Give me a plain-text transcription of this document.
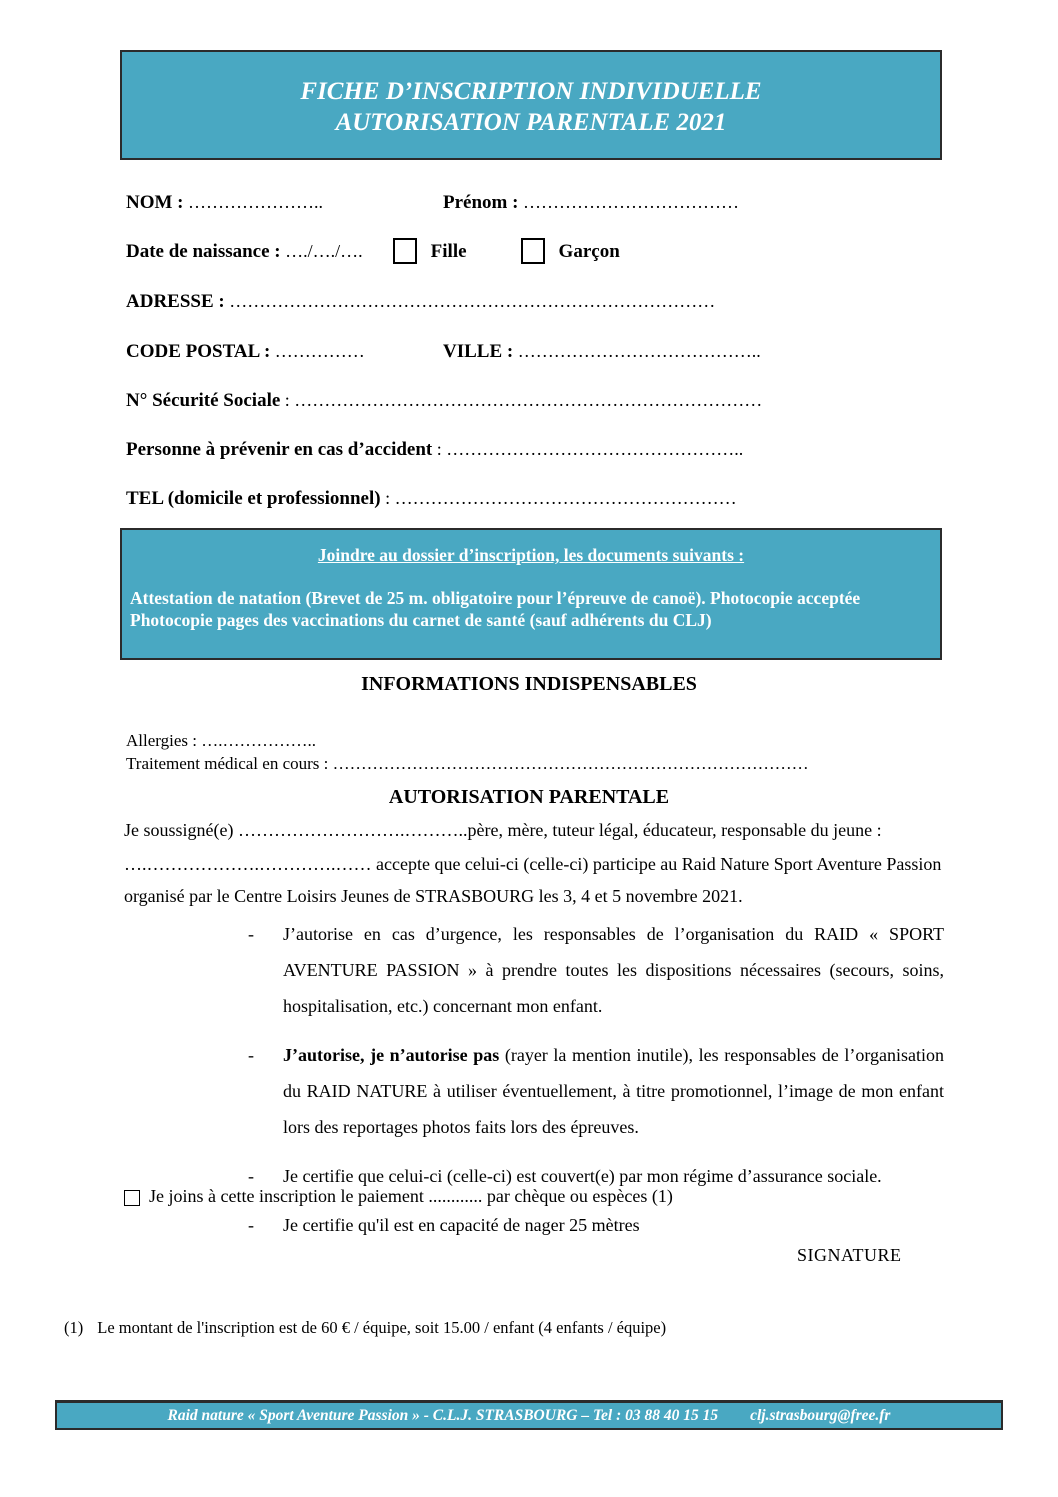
FICHE D’INSCRIPTION INDIVIDUELLE
AUTORISATION PARENTALE 2021
NOM : …………………..	Prénom : ………………………………
Date de naissance : …./…./….	Fille	Garçon
ADRESSE : ………………………………………………………………………
CODE POSTAL : ……………	VILLE : …………………………………..
N° Sécurité Sociale : ……………………………………………………………………
Personne à prévenir en cas d’accident : …………………………………………..
TEL (domicile et professionnel) : …………………………………………………
Joindre au dossier d’inscription, les documents suivants :
Attestation de natation (Brevet de 25 m. obligatoire pour l’épreuve de canoë). Photocopie acceptée
Photocopie pages des vaccinations du carnet de santé (sauf adhérents du CLJ)
INFORMATIONS INDISPENSABLES
Allergies : ….……………..
Traitement médical en cours : …………………………………………………………………………
AUTORISATION PARENTALE
Je soussigné(e) ……………………….………..père, mère, tuteur légal, éducateur, responsable du jeune :
….……………….………….…… accepte que celui-ci (celle-ci) participe au Raid Nature Sport Aventure Passion
organisé par le Centre Loisirs Jeunes de STRASBOURG les 3, 4 et 5 novembre 2021.
-	J’autorise en cas d’urgence, les responsables de l’organisation du RAID « SPORT AVENTURE PASSION » à prendre toutes les dispositions nécessaires (secours, soins, hospitalisation, etc.) concernant mon enfant.
-	J’autorise, je n’autorise pas (rayer la mention inutile), les responsables de l’organisation du RAID NATURE à utiliser éventuellement, à titre promotionnel, l’image de mon enfant lors des reportages photos faits lors des épreuves.
-	Je certifie que celui-ci (celle-ci) est couvert(e) par mon régime d’assurance sociale.
-	Je certifie qu'il est en capacité de nager 25 mètres
Je joins à cette inscription le paiement ............ par chèque ou espèces (1)
SIGNATURE
(1) Le montant de l'inscription est de 60 € / équipe, soit 15.00 / enfant (4 enfants / équipe)
Raid nature « Sport Aventure Passion » - C.L.J. STRASBOURG – Tel : 03 88 40 15 15 clj.strasbourg@free.fr
